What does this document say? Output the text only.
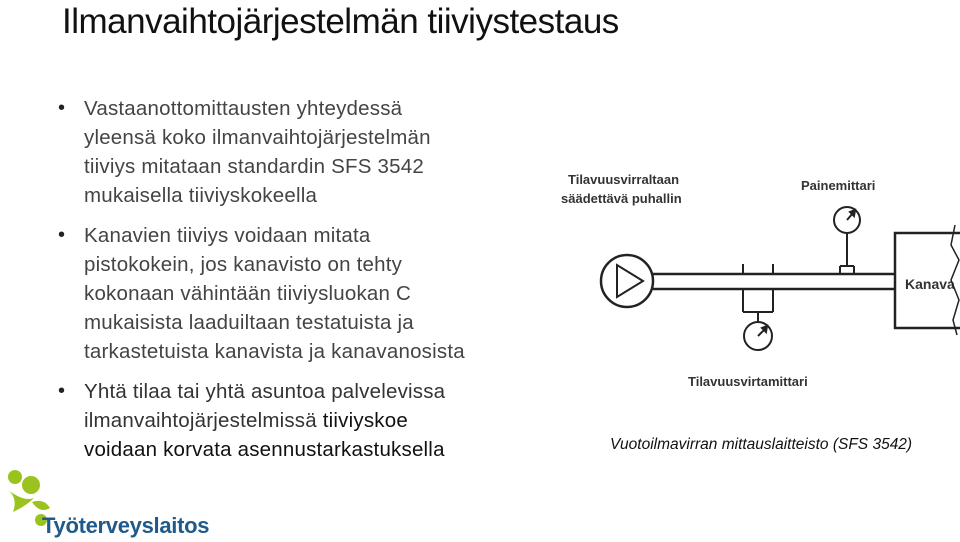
Ilmanvaihtojärjestelmän tiiviystestaus
• Vastaanottomittausten yhteydessä
yleensä koko ilmanvaihtojärjestelmän
tiiviys mitataan standardin SFS 3542
mukaisella tiiviyskokeella
• Kanavien tiiviys voidaan mitata
pistokokein, jos kanavisto on tehty
kokonaan vähintään tiiviysluokan C
mukaisista laaduiltaan testatuista ja
tarkastetuista kanavista ja kanavanosista
• Yhtä tilaa tai yhtä asuntoa palvelevissa
ilmanvaihtojärjestelmissä tiiviyskoe
voidaan korvata asennustarkastuksella
Tilavuusvirraltaan
säädettävä puhallin
Painemittari
Kanava
Tilavuusvirtamittari

Vuotoilmavirran mittauslaitteisto (SFS 3542)

Työterveyslaitos
